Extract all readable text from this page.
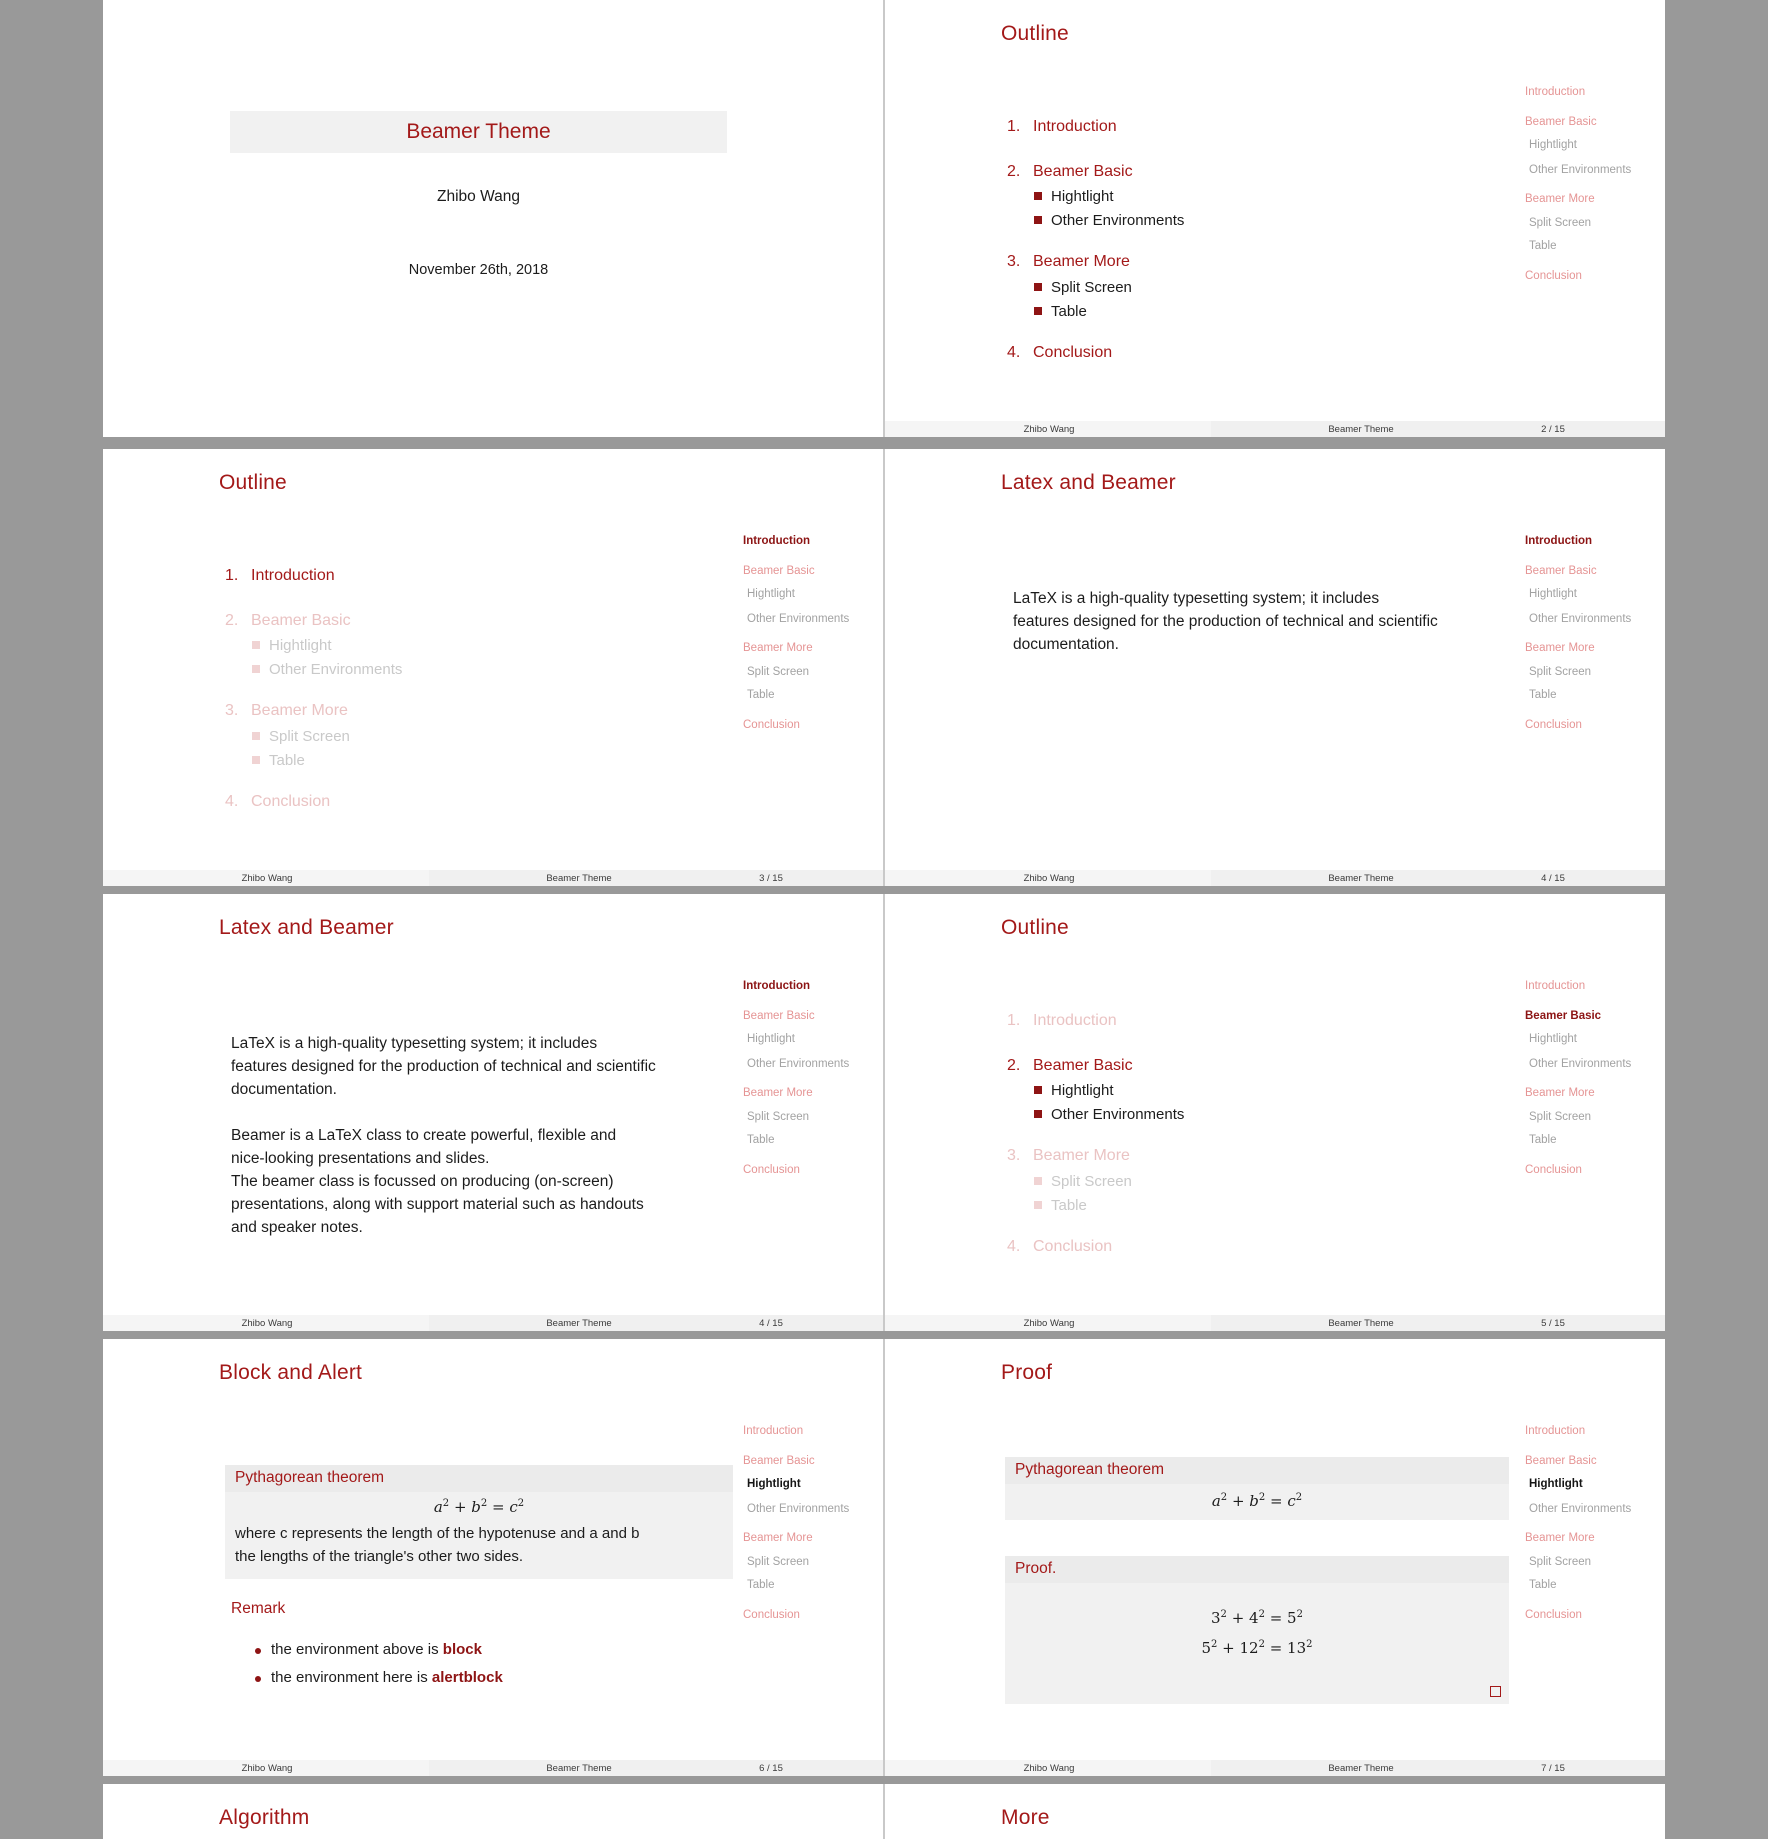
Beamer Theme
Zhibo Wang
November 26th, 2018
Outline
1. Introduction
2. Beamer Basic
Hightlight
Other Environments
3. Beamer More
Split Screen
Table
4. Conclusion
Introduction
Beamer Basic
Hightlight
Other Environments
Beamer More
Split Screen
Table
Conclusion
Zhibo Wang	Beamer Theme	2 / 15
Outline
1. Introduction
2. Beamer Basic
Hightlight
Other Environments
3. Beamer More
Split Screen
Table
4. Conclusion
Introduction
Beamer Basic
Hightlight
Other Environments
Beamer More
Split Screen
Table
Conclusion
Zhibo Wang	Beamer Theme	3 / 15
Latex and Beamer
LaTeX is a high-quality typesetting system; it includes
features designed for the production of technical and scientific
documentation.
Introduction
Beamer Basic
Hightlight
Other Environments
Beamer More
Split Screen
Table
Conclusion
Zhibo Wang	Beamer Theme	4 / 15
Latex and Beamer
LaTeX is a high-quality typesetting system; it includes
features designed for the production of technical and scientific
documentation.
Beamer is a LaTeX class to create powerful, flexible and
nice-looking presentations and slides.
The beamer class is focussed on producing (on-screen)
presentations, along with support material such as handouts
and speaker notes.
Introduction
Beamer Basic
Hightlight
Other Environments
Beamer More
Split Screen
Table
Conclusion
Zhibo Wang	Beamer Theme	4 / 15
Outline
1. Introduction
2. Beamer Basic
Hightlight
Other Environments
3. Beamer More
Split Screen
Table
4. Conclusion
Introduction
Beamer Basic
Hightlight
Other Environments
Beamer More
Split Screen
Table
Conclusion
Zhibo Wang	Beamer Theme	5 / 15
Block and Alert
Pythagorean theorem
$a^2 + b^2 = c^2$
where c represents the length of the hypotenuse and a and b
the lengths of the triangle's other two sides.
Remark
the environment above is block
the environment here is alertblock
Introduction
Beamer Basic
Hightlight
Other Environments
Beamer More
Split Screen
Table
Conclusion
Zhibo Wang	Beamer Theme	6 / 15
Proof
Pythagorean theorem
$a^2 + b^2 = c^2$
Proof.
$3^2 + 4^2 = 5^2$
$5^2 + 12^2 = 13^2$
Introduction
Beamer Basic
Hightlight
Other Environments
Beamer More
Split Screen
Table
Conclusion
Zhibo Wang	Beamer Theme	7 / 15
Algorithm	More
